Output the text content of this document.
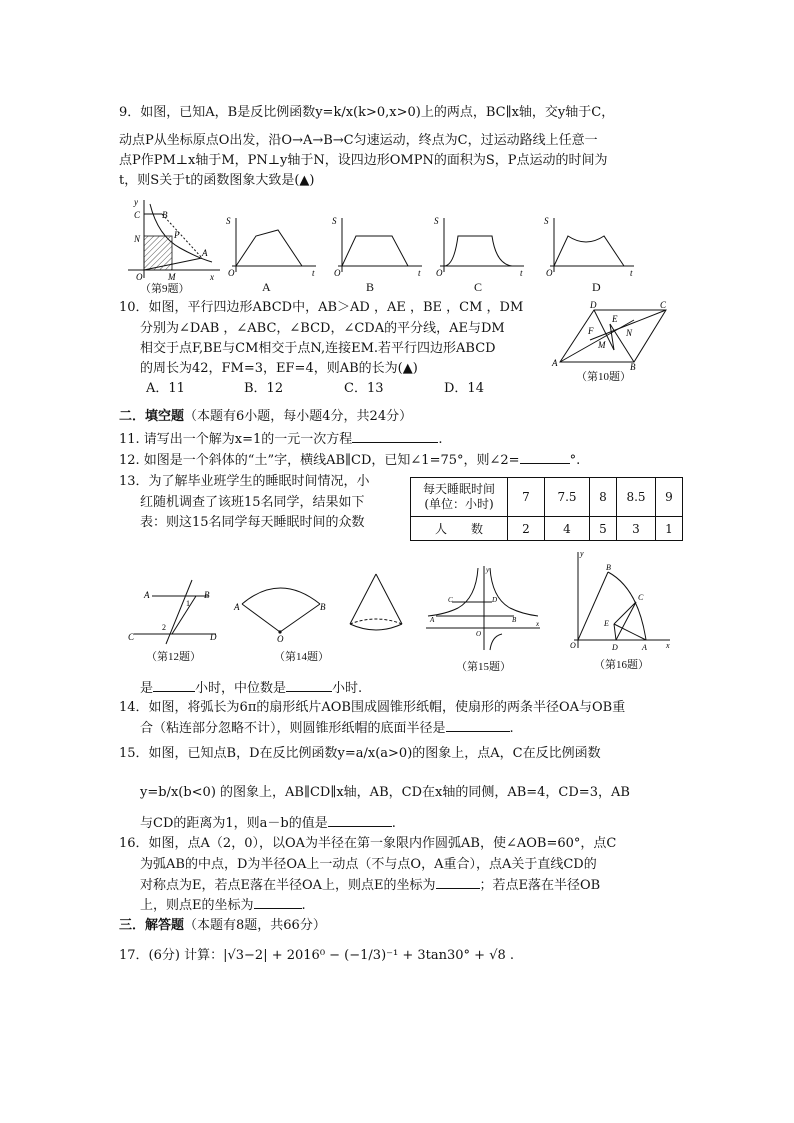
9．如图，已知A，B是反比例函数y=k/x(k>0,x>0)上的两点，BC∥x轴，交y轴于C，
动点P从坐标原点O出发，沿O→A→B→C匀速运动，终点为C，过运动路线上任意一
点P作PM⊥x轴于M，PN⊥y轴于N，设四边形OMPN的面积为S，P点运动的时间为
t，则S关于t的函数图象大致是(▲)
y
C B
P
N
A
O	M	x
S
O	t
S
O	t
S
O	t
S
O	t
（第9题）	A	B	C	D
10．如图，平行四边形ABCD中，AB＞AD ，AE ，BE ，CM ，DM
分别为∠DAB ，∠ABC，∠BCD，∠CDA的平分线，AE与DM
相交于点F,BE与CM相交于点N,连接EM.若平行四边形ABCD
的周长为42，FM=3，EF=4，则AB的长为(▲)
A．11	B．12	C．13	D．14
A	B
C
D
E
F	N
M
（第10题）
二．填空题（本题有6小题，每小题4分，共24分）
11. 请写出一个解为x=1的一元一次方程	.
12. 如图是一个斜体的“土”字，横线AB∥CD，已知∠1=75°，则∠2=	°.
13．为了解毕业班学生的睡眠时间情况，小
红随机调查了该班15名同学，结果如下
表：则这15名同学每天睡眠时间的众数
每天睡眠时间
(单位：小时)	7	7.5	8	8.5	9
人　　数	2	4	5	3	1
A	B
C	D
1
2
（第12题）
A	B
O
（第14题）
C	D
A	B
O
x
y
（第15题）
y
B
C
E
O	D	A x
（第16题）
是	小时，中位数是	小时.
14．如图，将弧长为6π的扇形纸片AOB围成圆锥形纸帽，使扇形的两条半径OA与OB重
合（粘连部分忽略不计），则圆锥形纸帽的底面半径是	.
15．如图，已知点B，D在反比例函数y=a/x(a>0)的图象上，点A，C在反比例函数
y=b/x(b<0) 的图象上，AB∥CD∥x轴，AB，CD在x轴的同侧，AB=4，CD=3，AB
与CD的距离为1，则a－b的值是	.
16．如图，点A（2，0），以OA为半径在第一象限内作圆弧AB，使∠AOB=60°，点C
为弧AB的中点，D为半径OA上一动点（不与点O，A重合），点A关于直线CD的
对称点为E，若点E落在半径OA上，则点E的坐标为	；若点E落在半径OB
上，则点E的坐标为	.
三．解答题（本题有8题，共66分）
17．(6分) 计算：|√3−2| + 2016⁰ − (−1/3)⁻¹ + 3tan30° + √8 .
